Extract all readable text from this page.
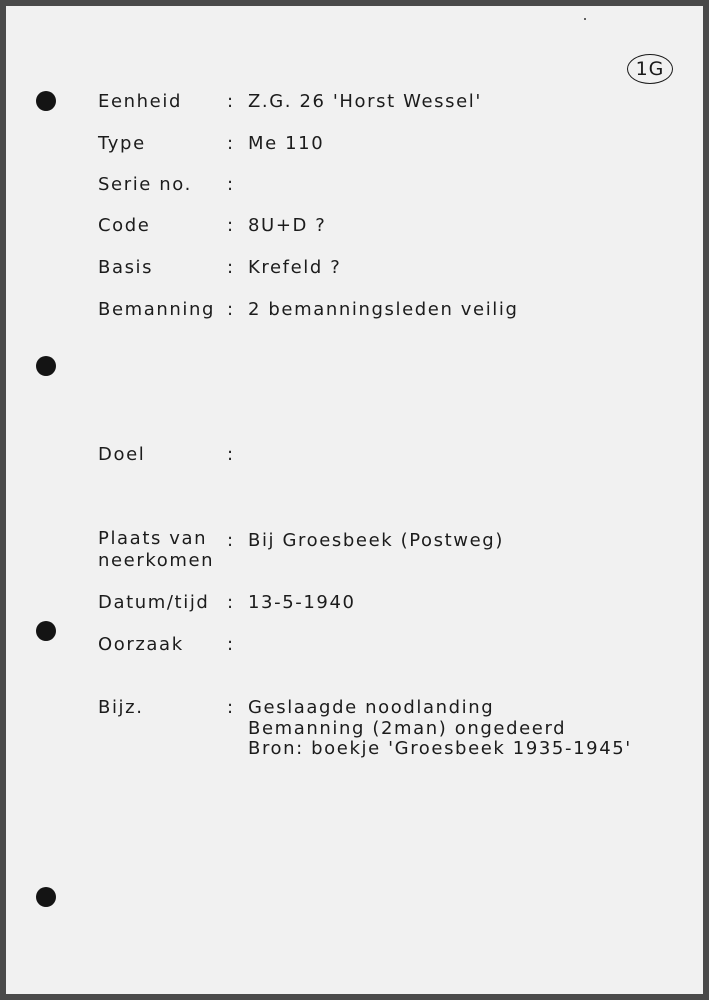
1G
Eenheid	: Z.G. 26 'Horst Wessel'
Type	: Me 110
Serie no. :
Code	: 8U+D ?
Basis	: Krefeld ?
Bemanning : 2 bemanningsleden veilig
Doel	:
Plaats van
neerkomen
: Bij Groesbeek (Postweg)
Datum/tijd : 13-5-1940
Oorzaak :
Bijz.	: Geslaagde noodlanding
Bemanning (2man) ongedeerd
Bron: boekje 'Groesbeek 1935-1945'
